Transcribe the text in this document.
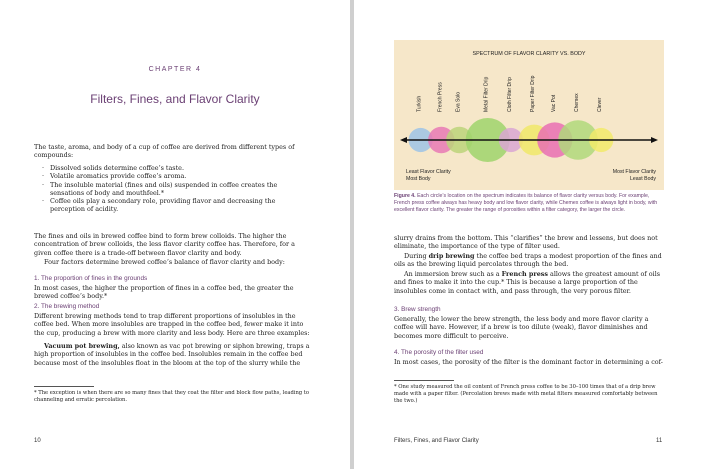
CHAPTER 4
Filters, Fines, and Flavor Clarity

The taste, aroma, and body of a cup of coffee are derived from different types of compounds:

· Dissolved solids determine coffee’s taste.
· Volatile aromatics provide coffee’s aroma.
· The insoluble material (fines and oils) suspended in coffee creates the sensations of body and mouthfeel.*
· Coffee oils play a secondary role, providing flavor and decreasing the perception of acidity.

The fines and oils in brewed coffee bind to form brew colloids. The higher the concentration of brew colloids, the less flavor clarity coffee has. Therefore, for a given coffee there is a trade-off between flavor clarity and body.

Four factors determine brewed coffee’s balance of flavor clarity and body:

1. The proportion of fines in the grounds

In most cases, the higher the proportion of fines in a coffee bed, the greater the brewed coffee’s body.*

2. The brewing method

Different brewing methods tend to trap different proportions of insolubles in the coffee bed. When more insolubles are trapped in the coffee bed, fewer make it into the cup, producing a brew with more clarity and less body. Here are three examples:

Vacuum pot brewing, also known as vac pot brewing or siphon brewing, traps a high proportion of insolubles in the coffee bed. Insolubles remain in the coffee bed because most of the insolubles float in the bloom at the top of the slurry while the

* The exception is when there are so many fines that they coat the filter and block flow paths, leading to channeling and erratic percolation.

10
SPECTRUM OF FLAVOR CLARITY VS. BODY
Turkish	French Press Eva Solo	Metal Filter Drip	Cloth Filter Drip	Paper Filter Drip	Vac Pot	Chemex	Clever
Least Flavor Clarity
Most Body
Most Flavor Clarity
Least Body

Figure 4. Each circle’s location on the spectrum indicates its balance of flavor clarity versus body. For example, French press coffee always has heavy body and low flavor clarity, while Chemex coffee is always light in body, with excellent flavor clarity. The greater the range of porosities within a filter category, the larger the circle.

slurry drains from the bottom. This “clarifies” the brew and lessens, but does not eliminate, the importance of the type of filter used.

During drip brewing the coffee bed traps a modest proportion of the fines and oils as the brewing liquid percolates through the bed.

An immersion brew such as a French press allows the greatest amount of oils and fines to make it into the cup.* This is because a large proportion of the insolubles come in contact with, and pass through, the very porous filter.

3. Brew strength

Generally, the lower the brew strength, the less body and more flavor clarity a coffee will have. However, if a brew is too dilute (weak), flavor diminishes and becomes more difficult to perceive.

4. The porosity of the filter used

In most cases, the porosity of the filter is the dominant factor in determining a cof-

* One study measured the oil content of French press coffee to be 30–100 times that of a drip brew made with a paper filter. (Percolation brews made with metal filters measured comfortably between the two.)

Filters, Fines, and Flavor Clarity	11
